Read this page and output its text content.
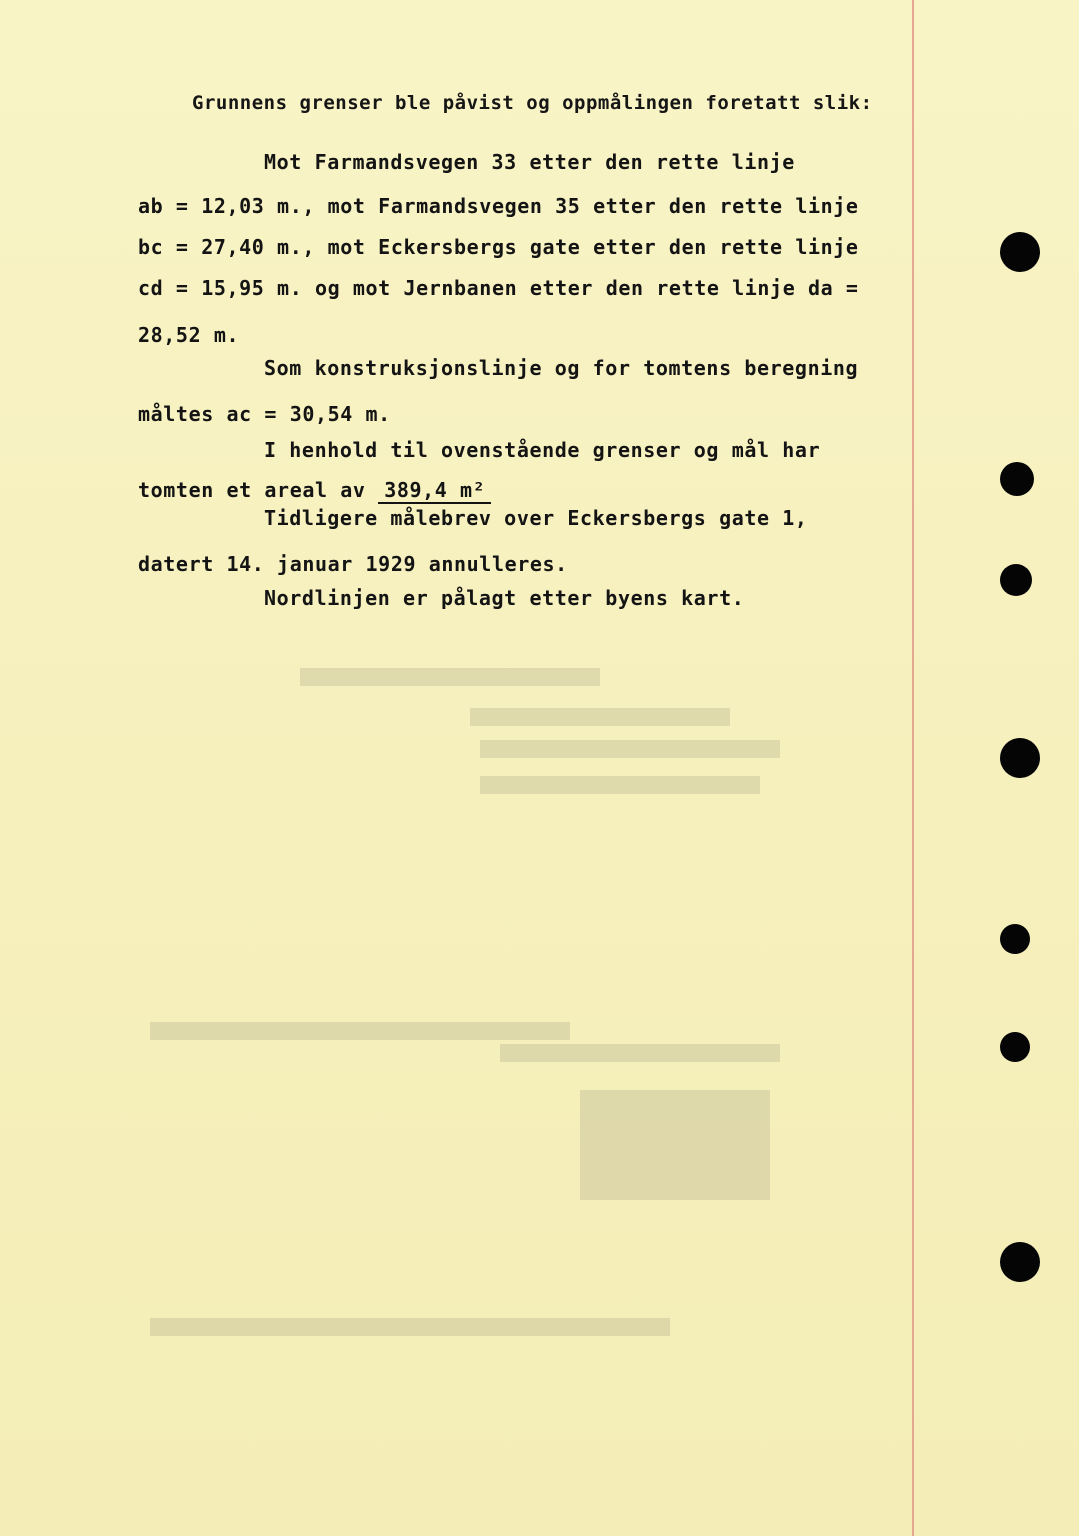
Grunnens grenser ble påvist og oppmålingen foretatt slik:
Mot Farmandsvegen 33 etter den rette linje
ab = 12,03 m., mot Farmandsvegen 35 etter den rette linje
bc = 27,40 m., mot Eckersbergs gate etter den rette linje
cd = 15,95 m. og mot Jernbanen etter den rette linje da =
28,52 m.
Som konstruksjonslinje og for tomtens beregning
måltes ac = 30,54 m.
I henhold til ovenstående grenser og mål har
tomten et areal av 389,4 m²
Tidligere målebrev over Eckersbergs gate 1,
datert 14. januar 1929 annulleres.
Nordlinjen er pålagt etter byens kart.
